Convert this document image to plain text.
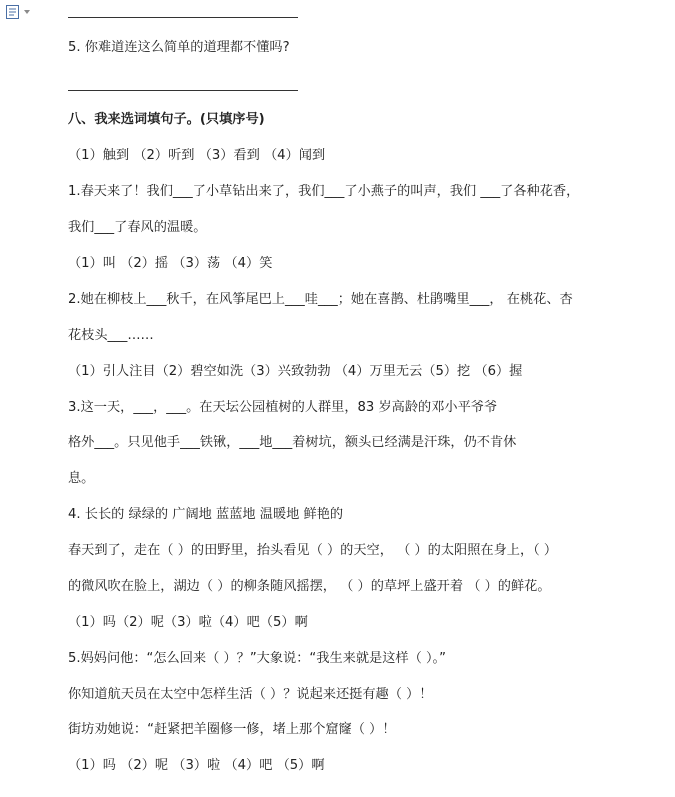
5. 你难道连这么简单的道理都不懂吗?
八、我来选词填句子。(只填序号)
（1）触到 （2）听到 （3）看到 （4）闻到
1.春天来了！我们___了小草钻出来了，我们___了小燕子的叫声，我们 ___了各种花香，
我们___了春风的温暖。
（1）叫 （2）摇 （3）荡 （4）笑
2.她在柳枝上___秋千，在风筝尾巴上___哇___；她在喜鹊、杜鹃嘴里___， 在桃花、杏
花枝头___……
（1）引人注目（2）碧空如洗（3）兴致勃勃 （4）万里无云（5）挖 （6）握
3.这一天，___，___。在天坛公园植树的人群里，83 岁高龄的邓小平爷爷
格外___。只见他手___铁锹，___地___着树坑，额头已经满是汗珠，仍不肯休
息。
4. 长长的 绿绿的 广阔地 蓝蓝地 温暖地 鲜艳的
春天到了，走在（ ）的田野里，抬头看见（ ）的天空， （ ）的太阳照在身上，（ ）
的微风吹在脸上，湖边（ ）的柳条随风摇摆， （ ）的草坪上盛开着 （ ）的鲜花。
（1）吗（2）呢（3）啦（4）吧（5）啊
5.妈妈问他：“怎么回来（ ）？”大象说：“我生来就是这样（ ）。”
你知道航天员在太空中怎样生活（ ）？说起来还挺有趣（ ）！
街坊劝她说：“赶紧把羊圈修一修，堵上那个窟窿（ ）！
（1）吗 （2）呢 （3）啦 （4）吧 （5）啊
